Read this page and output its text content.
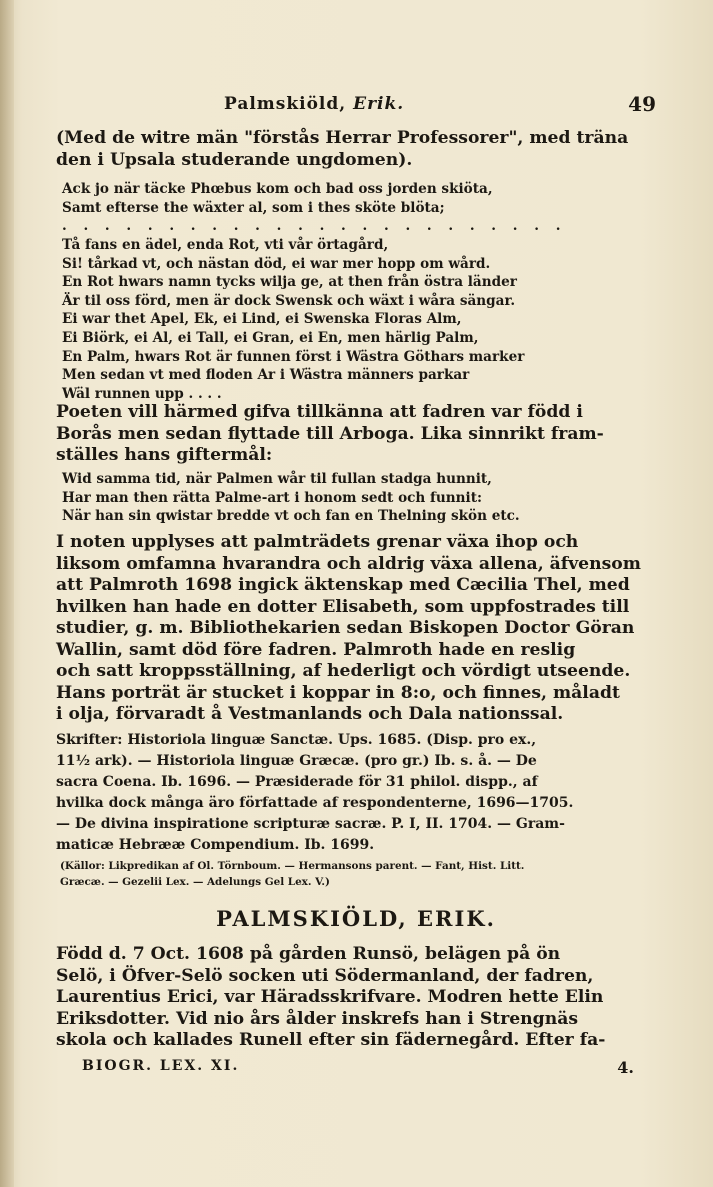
Palmskiöld, Erik.	49

(Med de witre män "förstås Herrar Professorer", med träna
den i Upsala studerande ungdomen).

Ack jo när täcke Phœbus kom och bad oss jorden skiöta,
Samt efterse the wäxter al, som i thes sköte blöta;
. . . . . . . . . . . . . . . . . . . . . . . .

Tå fans en ädel, enda Rot, vti vår örtagård,
Si! tårkad vt, och nästan död, ei war mer hopp om wård.
En Rot hwars namn tycks wilja ge, at then från östra länder
Är til oss förd, men är dock Swensk och wäxt i wåra sängar.
Ei war thet Apel, Ek, ei Lind, ei Swenska Floras Alm,
Ei Biörk, ei Al, ei Tall, ei Gran, ei En, men härlig Palm,
En Palm, hwars Rot är funnen först i Wästra Göthars marker
Men sedan vt med floden Ar i Wästra männers parkar
Wäl runnen upp . . . .

Poeten vill härmed gifva tillkänna att fadren var född i
Borås men sedan flyttade till Arboga. Lika sinnrikt fram-
ställes hans giftermål:

Wid samma tid, när Palmen wår til fullan stadga hunnit,
Har man then rätta Palme-art i honom sedt och funnit:
När han sin qwistar bredde vt och fan en Thelning skön etc.

I noten upplyses att palmträdets grenar växa ihop och
liksom omfamna hvarandra och aldrig växa allena, äfvensom
att Palmroth 1698 ingick äktenskap med Cæcilia Thel, med
hvilken han hade en dotter Elisabeth, som uppfostrades till
studier, g. m. Bibliothekarien sedan Biskopen Doctor Göran
Wallin, samt död före fadren. Palmroth hade en reslig
och satt kroppsställning, af hederligt och vördigt utseende.
Hans porträt är stucket i koppar in 8:o, och finnes, måladt
i olja, förvaradt å Vestmanlands och Dala nationssal.

Skrifter: Historiola linguæ Sanctæ. Ups. 1685. (Disp. pro ex.,
11½ ark). — Historiola linguæ Græcæ. (pro gr.) Ib. s. å. — De
sacra Coena. Ib. 1696. — Præsiderade för 31 philol. dispp., af
hvilka dock många äro författade af respondenterne, 1696—1705.
— De divina inspiratione scripturæ sacræ. P. I, II. 1704. — Gram-
maticæ Hebrææ Compendium. Ib. 1699.

(Källor: Likpredikan af Ol. Törnboum. — Hermansons parent. — Fant, Hist. Litt.
Græcæ. — Gezelii Lex. — Adelungs Gel Lex. V.)

PALMSKIÖLD, ERIK.

Född d. 7 Oct. 1608 på gården Runsö, belägen på ön
Selö, i Öfver-Selö socken uti Södermanland, der fadren,
Laurentius Erici, var Häradsskrifvare. Modren hette Elin
Eriksdotter. Vid nio års ålder inskrefs han i Strengnäs
skola och kallades Runell efter sin fädernegård. Efter fa-

BIOGR. LEX. XI.	4.
